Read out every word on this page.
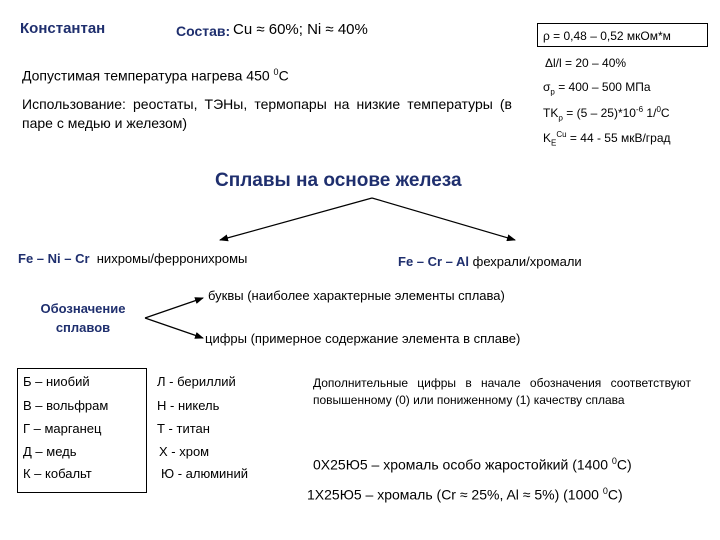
Константан	Состав: Cu ≈ 60%; Ni ≈ 40%
Допустимая температура нагрева 450 $^0$C
Использование: реостаты, ТЭНы, термопары на низкие температуры (в паре с медью и железом)
ρ = 0,48 – 0,52 мкОм*м
Δl/l = 20 – 40%
$\sigma_р = 400 - 500$ МПа
$TK_\rho = (5 - 25)*10^{-6}$ 1/$^0$С
$K_E^{Cu} = 44 - 55$ мкВ/град
Сплавы на основе железа
Fe – Ni – Cr  нихромы/ферронихромы	Fe – Cr – Al фехрали/хромали
Обозначение сплавов
буквы (наиболее характерные элементы сплава)
цифры (примерное содержание элемента в сплаве)
Б – ниобий
В – вольфрам
Г – марганец
Д – медь
К – кобальт
Л - бериллий
Н - никель
Т - титан
Х - хром
Ю - алюминий
Дополнительные цифры в начале обозначения соответствуют повышенному (0) или пониженному (1) качеству сплава
0Х25Ю5 – хромаль особо жаростойкий (1400 $^0$С)
1Х25Ю5 – хромаль (Cr ≈ 25%, Al ≈ 5%) (1000 $^0$С)
